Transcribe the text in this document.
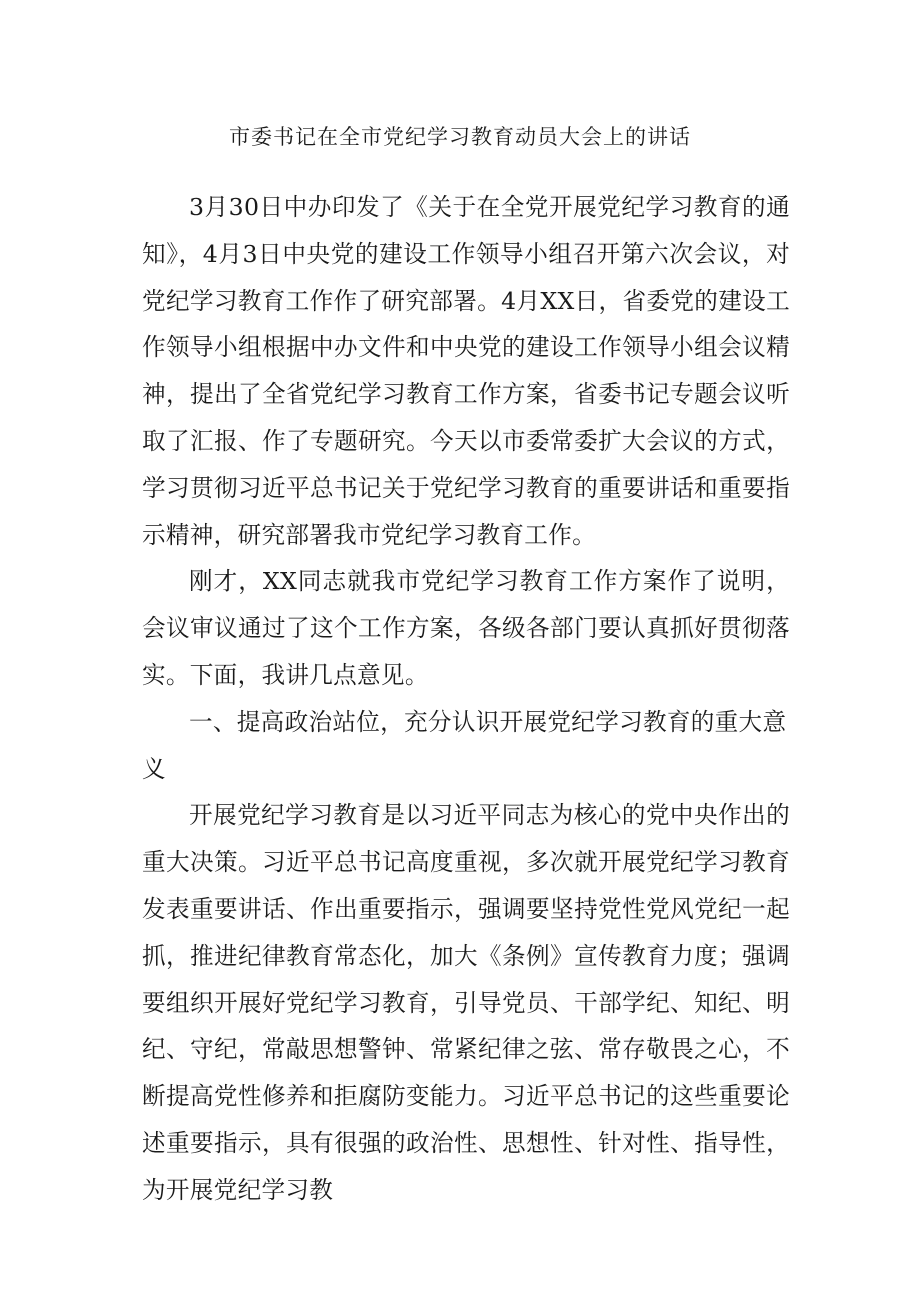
市委书记在全市党纪学习教育动员大会上的讲话

3月30日中办印发了《关于在全党开展党纪学习教育的通知》，4月3日中央党的建设工作领导小组召开第六次会议，对党纪学习教育工作作了研究部署。4月XX日，省委党的建设工作领导小组根据中办文件和中央党的建设工作领导小组会议精神，提出了全省党纪学习教育工作方案，省委书记专题会议听取了汇报、作了专题研究。今天以市委常委扩大会议的方式，学习贯彻习近平总书记关于党纪学习教育的重要讲话和重要指示精神，研究部署我市党纪学习教育工作。

刚才，XX同志就我市党纪学习教育工作方案作了说明，会议审议通过了这个工作方案，各级各部门要认真抓好贯彻落实。下面，我讲几点意见。

一、提高政治站位，充分认识开展党纪学习教育的重大意义

开展党纪学习教育是以习近平同志为核心的党中央作出的重大决策。习近平总书记高度重视，多次就开展党纪学习教育发表重要讲话、作出重要指示，强调要坚持党性党风党纪一起抓，推进纪律教育常态化，加大《条例》宣传教育力度；强调要组织开展好党纪学习教育，引导党员、干部学纪、知纪、明纪、守纪，常敲思想警钟、常紧纪律之弦、常存敬畏之心，不断提高党性修养和拒腐防变能力。习近平总书记的这些重要论述重要指示，具有很强的政治性、思想性、针对性、指导性，为开展党纪学习教
